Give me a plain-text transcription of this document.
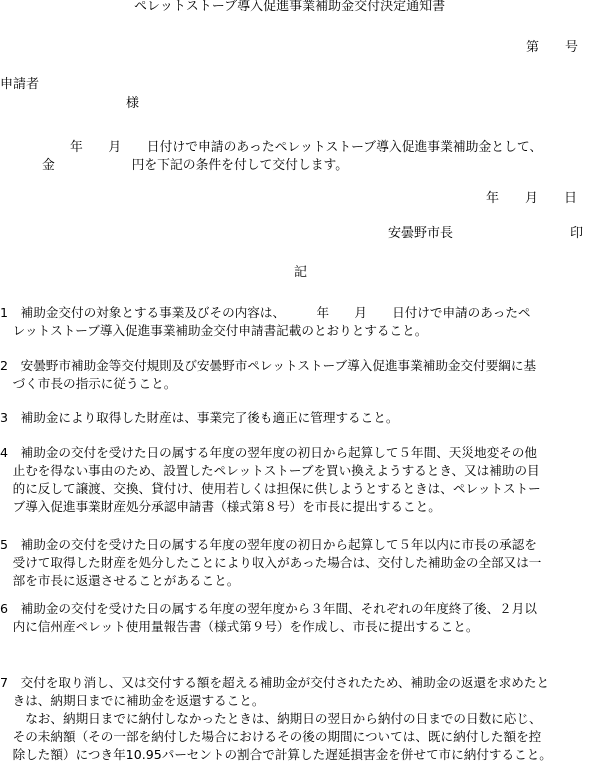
ペレットストーブ導入促進事業補助金交付決定通知書
第　　号
申請者
様
年　　月　　日付けで申請のあったペレットストーブ導入促進事業補助金として、
金　　　　　　円を下記の条件を付して交付します。
年　　月　　日
安曇野市長	印
記
1　補助金交付の対象とする事業及びその内容は、　　　年　　月　　日付けで申請のあったペ
　レットストーブ導入促進事業補助金交付申請書記載のとおりとすること。
2　安曇野市補助金等交付規則及び安曇野市ペレットストーブ導入促進事業補助金交付要綱に基
　づく市長の指示に従うこと。
3　補助金により取得した財産は、事業完了後も適正に管理すること。
4　補助金の交付を受けた日の属する年度の翌年度の初日から起算して５年間、天災地変その他
　止むを得ない事由のため、設置したペレットストーブを買い換えようするとき、又は補助の目
　的に反して譲渡、交換、貸付け、使用若しくは担保に供しようとするときは、ペレットストー
　ブ導入促進事業財産処分承認申請書（様式第８号）を市長に提出すること。
5　補助金の交付を受けた日の属する年度の翌年度の初日から起算して５年以内に市長の承認を
　受けて取得した財産を処分したことにより収入があった場合は、交付した補助金の全部又は一
　部を市長に返還させることがあること。
6　補助金の交付を受けた日の属する年度の翌年度から３年間、それぞれの年度終了後、２月以
　内に信州産ペレット使用量報告書（様式第９号）を作成し、市長に提出すること。
7　交付を取り消し、又は交付する額を超える補助金が交付されたため、補助金の返還を求めたと
　きは、納期日までに補助金を返還すること。
　　なお、納期日までに納付しなかったときは、納期日の翌日から納付の日までの日数に応じ、
　その未納額（その一部を納付した場合におけるその後の期間については、既に納付した額を控
　除した額）につき年10.95パーセントの割合で計算した遅延損害金を併せて市に納付すること。
